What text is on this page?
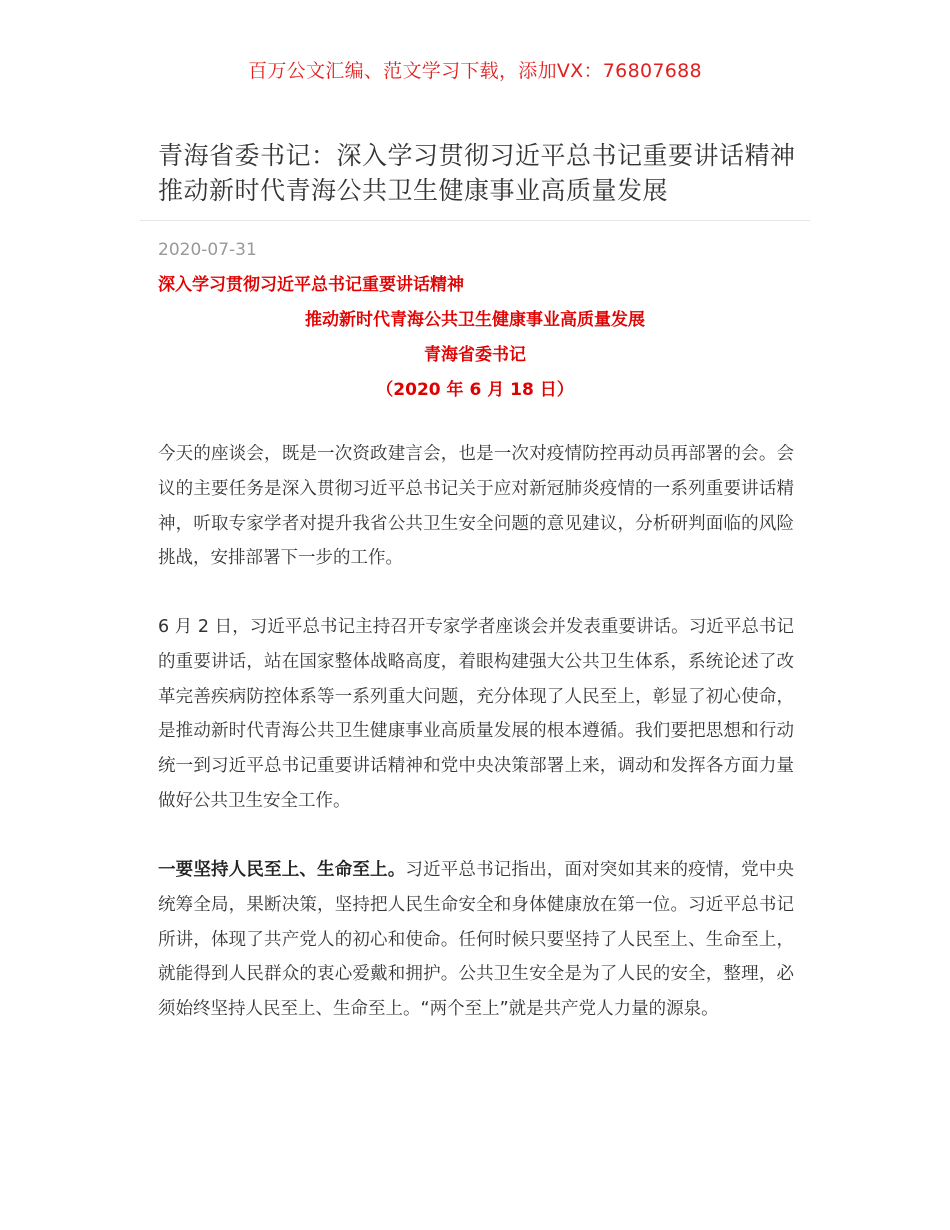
百万公文汇编、范文学习下载，添加VX：76807688
青海省委书记：深入学习贯彻习近平总书记重要讲话精神 推动新时代青海公共卫生健康事业高质量发展
2020-07-31
深入学习贯彻习近平总书记重要讲话精神
推动新时代青海公共卫生健康事业高质量发展
青海省委书记
（2020 年 6 月 18 日）

今天的座谈会，既是一次资政建言会，也是一次对疫情防控再动员再部署的会。会议的主要任务是深入贯彻习近平总书记关于应对新冠肺炎疫情的一系列重要讲话精神，听取专家学者对提升我省公共卫生安全问题的意见建议，分析研判面临的风险挑战，安排部署下一步的工作。

6 月 2 日，习近平总书记主持召开专家学者座谈会并发表重要讲话。习近平总书记的重要讲话，站在国家整体战略高度，着眼构建强大公共卫生体系，系统论述了改革完善疾病防控体系等一系列重大问题，充分体现了人民至上，彰显了初心使命，是推动新时代青海公共卫生健康事业高质量发展的根本遵循。我们要把思想和行动统一到习近平总书记重要讲话精神和党中央决策部署上来，调动和发挥各方面力量做好公共卫生安全工作。

一要坚持人民至上、生命至上。习近平总书记指出，面对突如其来的疫情，党中央统筹全局，果断决策，坚持把人民生命安全和身体健康放在第一位。习近平总书记所讲，体现了共产党人的初心和使命。任何时候只要坚持了人民至上、生命至上，就能得到人民群众的衷心爱戴和拥护。公共卫生安全是为了人民的安全，整理，必须始终坚持人民至上、生命至上。“两个至上”就是共产党人力量的源泉。
